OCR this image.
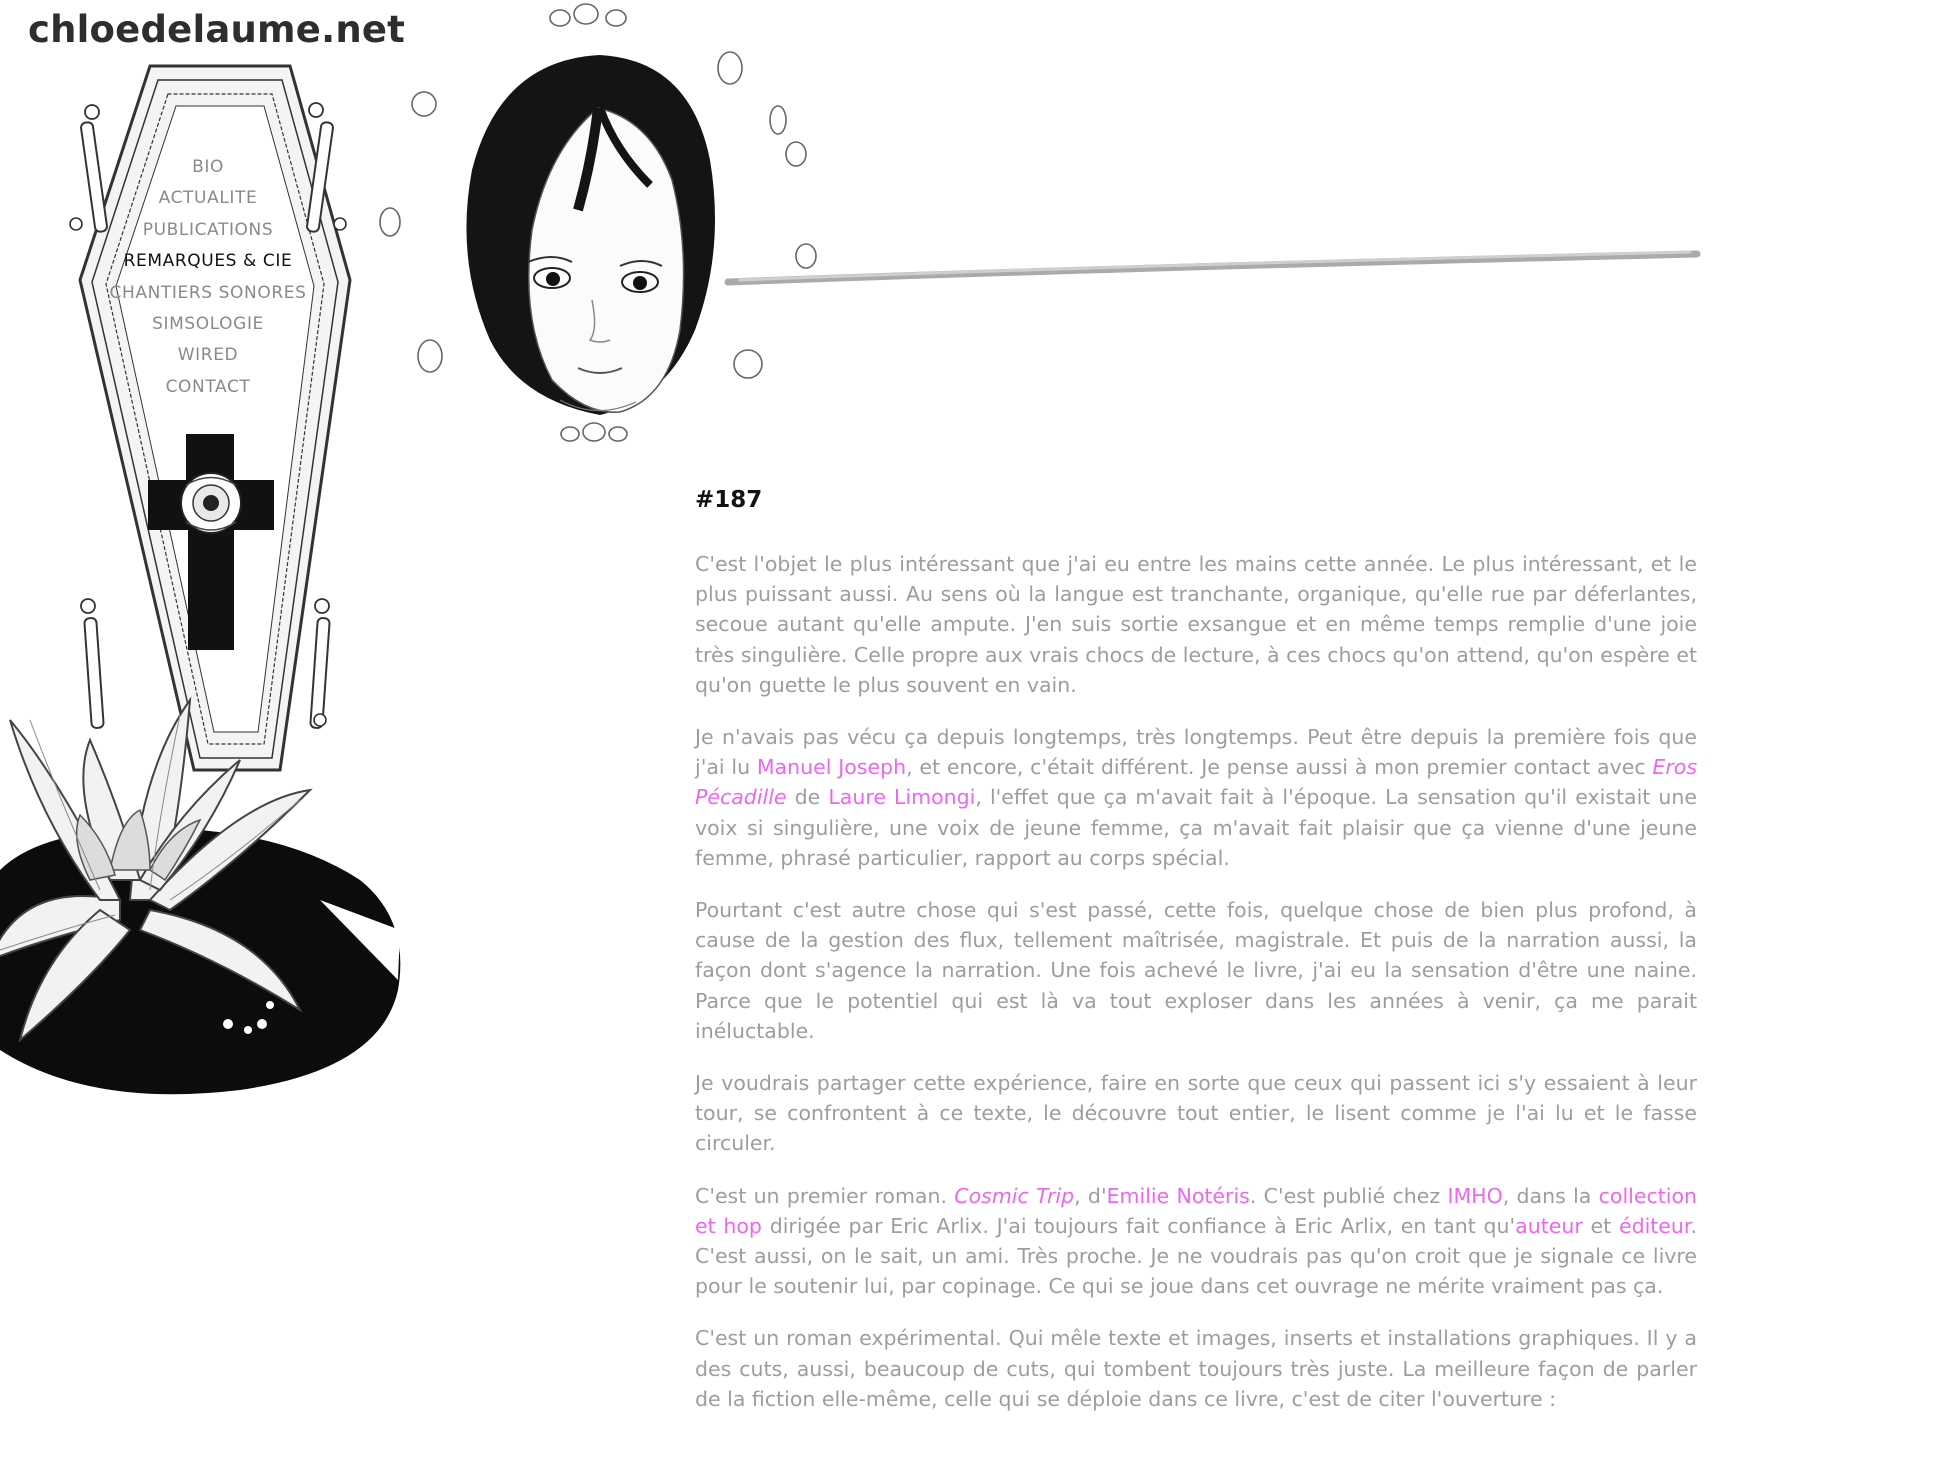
chloedelaume.net
BIO
ACTUALITE
PUBLICATIONS
REMARQUES & CIE
CHANTIERS SONORES
SIMSOLOGIE
WIRED
CONTACT
#187

C'est l'objet le plus intéressant que j'ai eu entre les mains cette année. Le plus intéressant, et le plus puissant aussi. Au sens où la langue est tranchante, organique, qu'elle rue par déferlantes, secoue autant qu'elle ampute. J'en suis sortie exsangue et en même temps remplie d'une joie très singulière. Celle propre aux vrais chocs de lecture, à ces chocs qu'on attend, qu'on espère et qu'on guette le plus souvent en vain.

Je n'avais pas vécu ça depuis longtemps, très longtemps. Peut être depuis la première fois que j'ai lu Manuel Joseph, et encore, c'était différent. Je pense aussi à mon premier contact avec Eros Pécadille de Laure Limongi, l'effet que ça m'avait fait à l'époque. La sensation qu'il existait une voix si singulière, une voix de jeune femme, ça m'avait fait plaisir que ça vienne d'une jeune femme, phrasé particulier, rapport au corps spécial.

Pourtant c'est autre chose qui s'est passé, cette fois, quelque chose de bien plus profond, à cause de la gestion des flux, tellement maîtrisée, magistrale. Et puis de la narration aussi, la façon dont s'agence la narration. Une fois achevé le livre, j'ai eu la sensation d'être une naine. Parce que le potentiel qui est là va tout exploser dans les années à venir, ça me parait inéluctable.

Je voudrais partager cette expérience, faire en sorte que ceux qui passent ici s'y essaient à leur tour, se confrontent à ce texte, le découvre tout entier, le lisent comme je l'ai lu et le fasse circuler.

C'est un premier roman. Cosmic Trip, d'Emilie Notéris. C'est publié chez IMHO, dans la collection et hop dirigée par Eric Arlix. J'ai toujours fait confiance à Eric Arlix, en tant qu'auteur et éditeur. C'est aussi, on le sait, un ami. Très proche. Je ne voudrais pas qu'on croit que je signale ce livre pour le soutenir lui, par copinage. Ce qui se joue dans cet ouvrage ne mérite vraiment pas ça.

C'est un roman expérimental. Qui mêle texte et images, inserts et installations graphiques. Il y a des cuts, aussi, beaucoup de cuts, qui tombent toujours très juste. La meilleure façon de parler de la fiction elle-même, celle qui se déploie dans ce livre, c'est de citer l'ouverture :
